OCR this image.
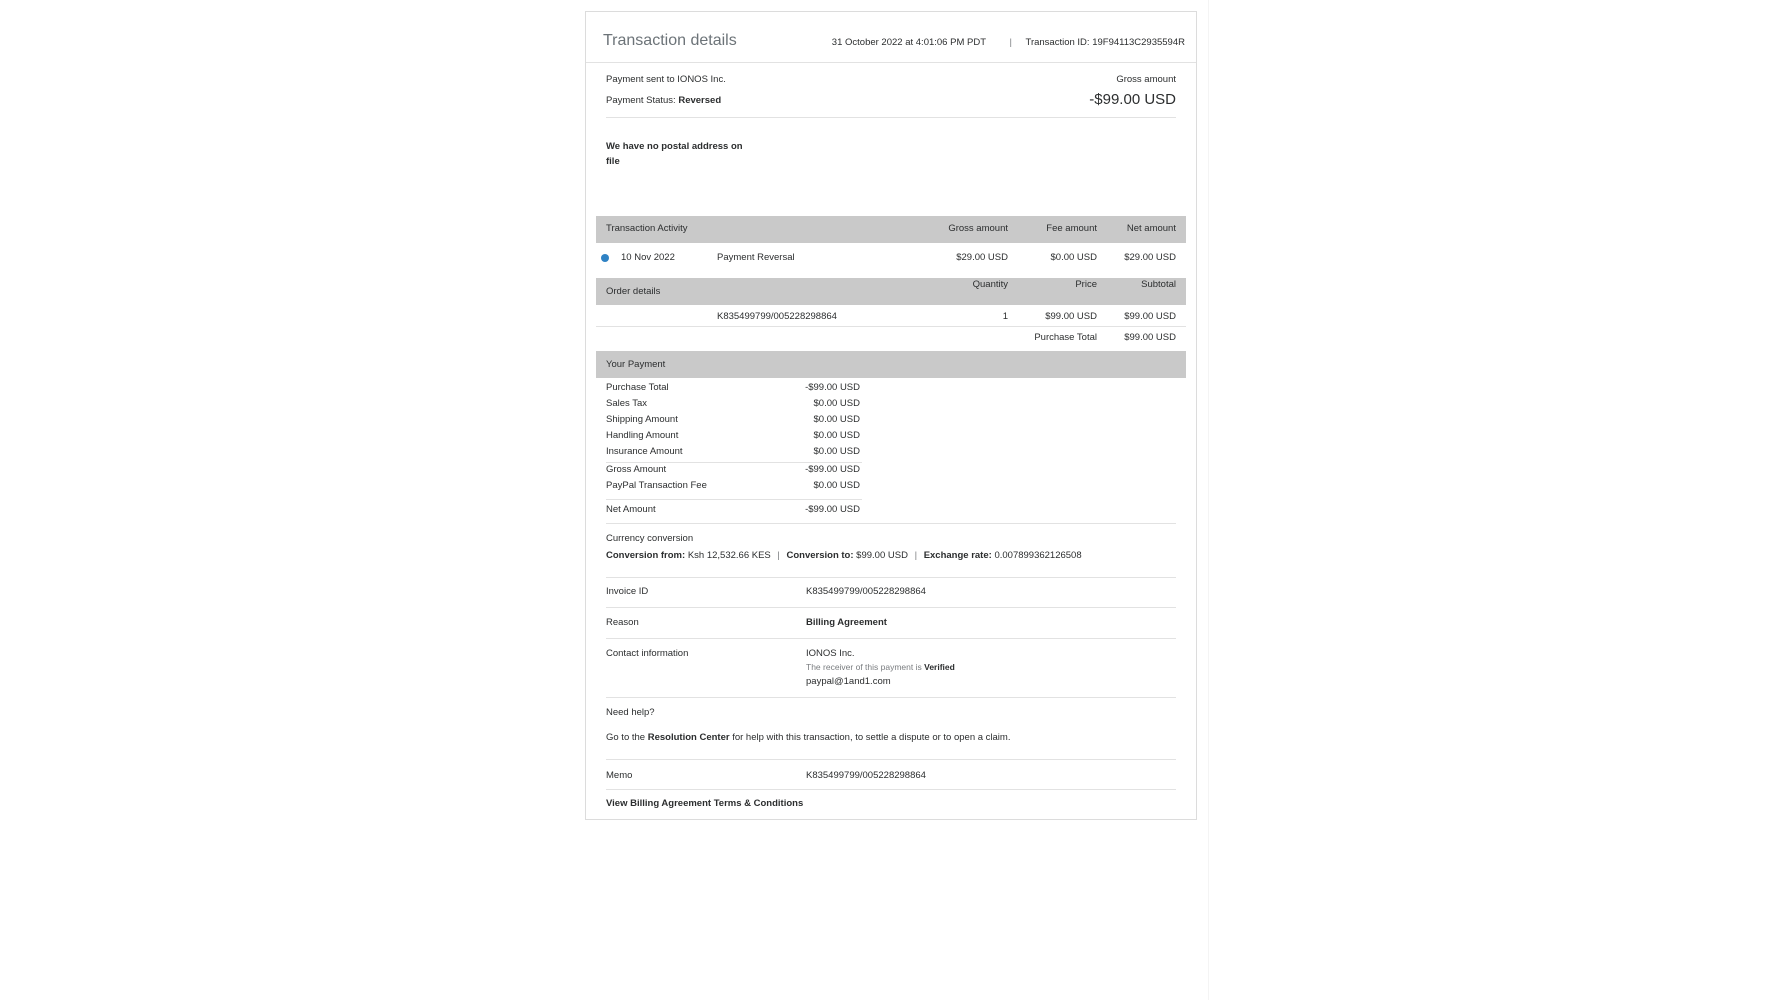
Transaction details	31 October 2022 at 4:01:06 PM PDT | Transaction ID: 19F94113C2935594R
Payment sent to IONOS Inc.
Payment Status: Reversed
Gross amount
-$99.00 USD
We have no postal address on file
Transaction Activity	Gross amount	Fee amount	Net amount
10 Nov 2022	Payment Reversal	$29.00 USD	$0.00 USD	$29.00 USD
Order details
Quantity	Price	Subtotal
K835499799/005228298864	1	$99.00 USD	$99.00 USD
Purchase Total	$99.00 USD
Your Payment
Purchase Total	-$99.00 USD
Sales Tax	$0.00 USD
Shipping Amount	$0.00 USD
Handling Amount	$0.00 USD
Insurance Amount	$0.00 USD
Gross Amount	-$99.00 USD
PayPal Transaction Fee	$0.00 USD
Net Amount	-$99.00 USD
Currency conversion
Conversion from: Ksh 12,532.66 KES | Conversion to: $99.00 USD | Exchange rate: 0.007899362126508
Invoice ID	K835499799/005228298864
Reason	Billing Agreement
Contact information	IONOS Inc.
The receiver of this payment is Verified
paypal@1and1.com
Need help?
Go to the Resolution Center for help with this transaction, to settle a dispute or to open a claim.
Memo	K835499799/005228298864
View Billing Agreement Terms & Conditions
